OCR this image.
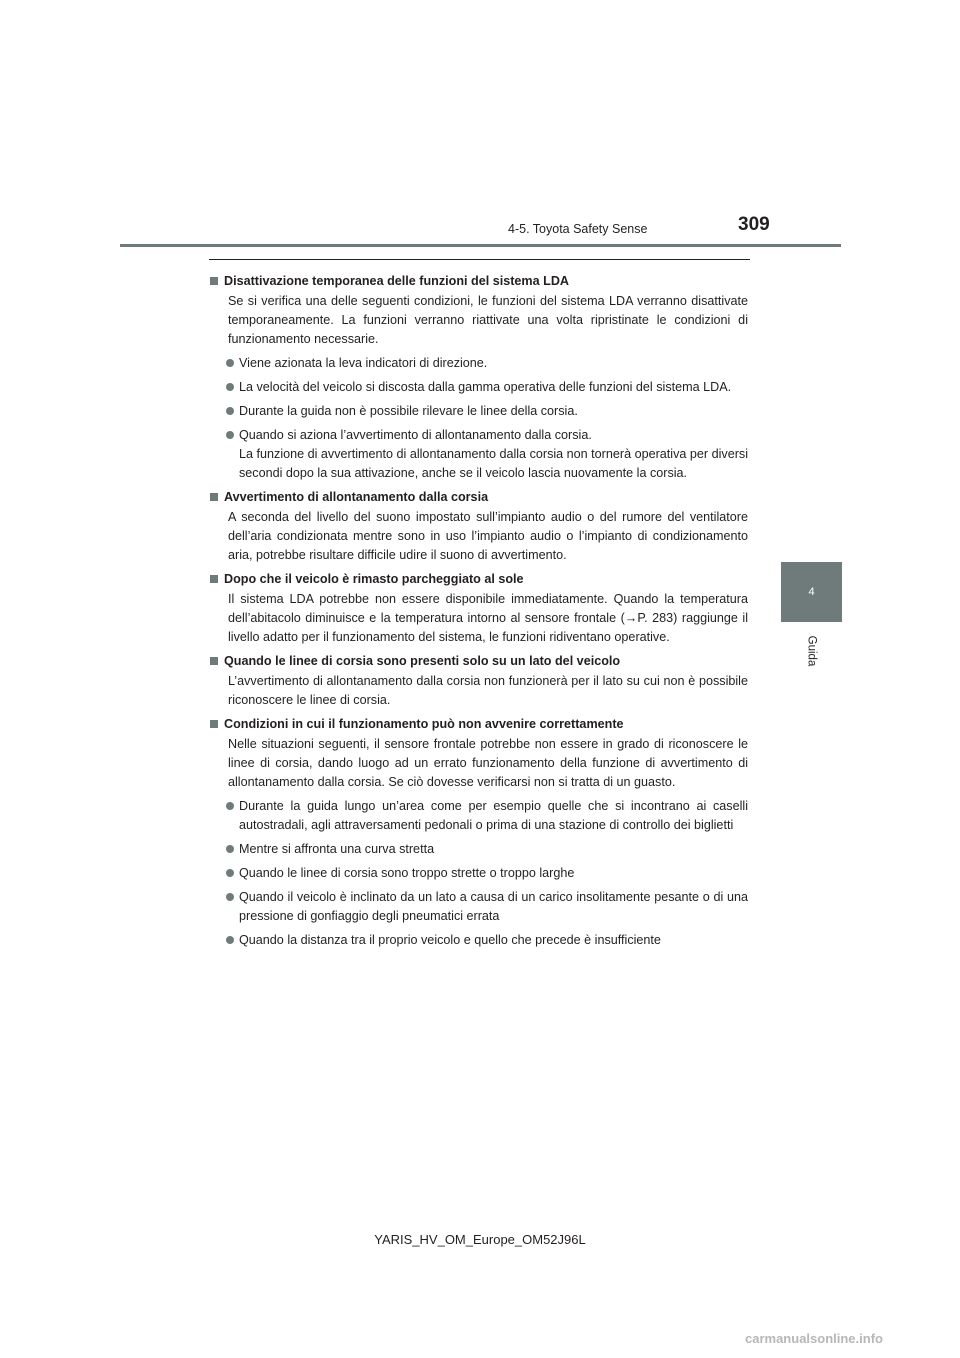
4-5. Toyota Safety Sense	309
4
Guida
Disattivazione temporanea delle funzioni del sistema LDA
Se si verifica una delle seguenti condizioni, le funzioni del sistema LDA verranno disattivate temporaneamente. La funzioni verranno riattivate una volta ripristinate le condizioni di funzionamento necessarie.
Viene azionata la leva indicatori di direzione.
La velocità del veicolo si discosta dalla gamma operativa delle funzioni del sistema LDA.
Durante la guida non è possibile rilevare le linee della corsia.
Quando si aziona l’avvertimento di allontanamento dalla corsia.
La funzione di avvertimento di allontanamento dalla corsia non tornerà operativa per diversi secondi dopo la sua attivazione, anche se il veicolo lascia nuovamente la corsia.
Avvertimento di allontanamento dalla corsia
A seconda del livello del suono impostato sull’impianto audio o del rumore del ventilatore dell’aria condizionata mentre sono in uso l’impianto audio o l’impianto di condizionamento aria, potrebbe risultare difficile udire il suono di avvertimento.
Dopo che il veicolo è rimasto parcheggiato al sole
Il sistema LDA potrebbe non essere disponibile immediatamente. Quando la temperatura dell’abitacolo diminuisce e la temperatura intorno al sensore frontale (→P. 283) raggiunge il livello adatto per il funzionamento del sistema, le funzioni ridiventano operative.
Quando le linee di corsia sono presenti solo su un lato del veicolo
L’avvertimento di allontanamento dalla corsia non funzionerà per il lato su cui non è possibile riconoscere le linee di corsia.
Condizioni in cui il funzionamento può non avvenire correttamente
Nelle situazioni seguenti, il sensore frontale potrebbe non essere in grado di riconoscere le linee di corsia, dando luogo ad un errato funzionamento della funzione di avvertimento di allontanamento dalla corsia. Se ciò dovesse verificarsi non si tratta di un guasto.
Durante la guida lungo un’area come per esempio quelle che si incontrano ai caselli autostradali, agli attraversamenti pedonali o prima di una stazione di controllo dei biglietti
Mentre si affronta una curva stretta
Quando le linee di corsia sono troppo strette o troppo larghe
Quando il veicolo è inclinato da un lato a causa di un carico insolitamente pesante o di una pressione di gonfiaggio degli pneumatici errata
Quando la distanza tra il proprio veicolo e quello che precede è insufficiente
YARIS_HV_OM_Europe_OM52J96L
carmanualsonline.info
